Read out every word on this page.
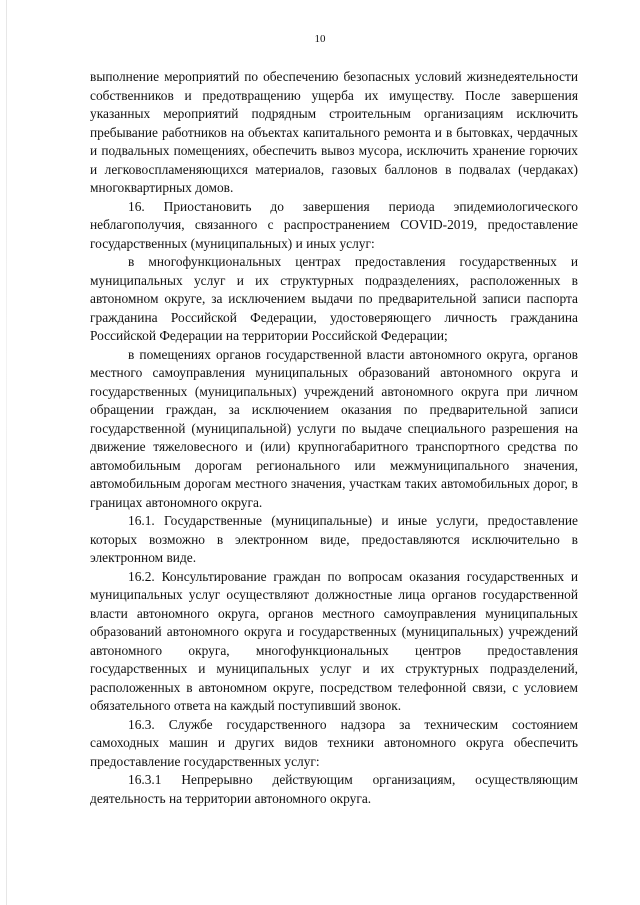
10

выполнение мероприятий по обеспечению безопасных условий жизнедеятельности собственников и предотвращению ущерба их имуществу. После завершения указанных мероприятий подрядным строительным организациям исключить пребывание работников на объектах капитального ремонта и в бытовках, чердачных и подвальных помещениях, обеспечить вывоз мусора, исключить хранение горючих и легковоспламеняющихся материалов, газовых баллонов в подвалах (чердаках) многоквартирных домов.

16. Приостановить до завершения периода эпидемиологического неблагополучия, связанного с распространением COVID-2019, предоставление государственных (муниципальных) и иных услуг:

в многофункциональных центрах предоставления государственных и муниципальных услуг и их структурных подразделениях, расположенных в автономном округе, за исключением выдачи по предварительной записи паспорта гражданина Российской Федерации, удостоверяющего личность гражданина Российской Федерации на территории Российской Федерации;

в помещениях органов государственной власти автономного округа, органов местного самоуправления муниципальных образований автономного округа и государственных (муниципальных) учреждений автономного округа при личном обращении граждан, за исключением оказания по предварительной записи государственной (муниципальной) услуги по выдаче специального разрешения на движение тяжеловесного и (или) крупногабаритного транспортного средства по автомобильным дорогам регионального или межмуниципального значения, автомобильным дорогам местного значения, участкам таких автомобильных дорог, в границах автономного округа.

16.1. Государственные (муниципальные) и иные услуги, предоставление которых возможно в электронном виде, предоставляются исключительно в электронном виде.

16.2. Консультирование граждан по вопросам оказания государственных и муниципальных услуг осуществляют должностные лица органов государственной власти автономного округа, органов местного самоуправления муниципальных образований автономного округа и государственных (муниципальных) учреждений автономного округа, многофункциональных центров предоставления государственных и муниципальных услуг и их структурных подразделений, расположенных в автономном округе, посредством телефонной связи, с условием обязательного ответа на каждый поступивший звонок.

16.3. Службе государственного надзора за техническим состоянием самоходных машин и других видов техники автономного округа обеспечить предоставление государственных услуг:

16.3.1 Непрерывно действующим организациям, осуществляющим деятельность на территории автономного округа.
